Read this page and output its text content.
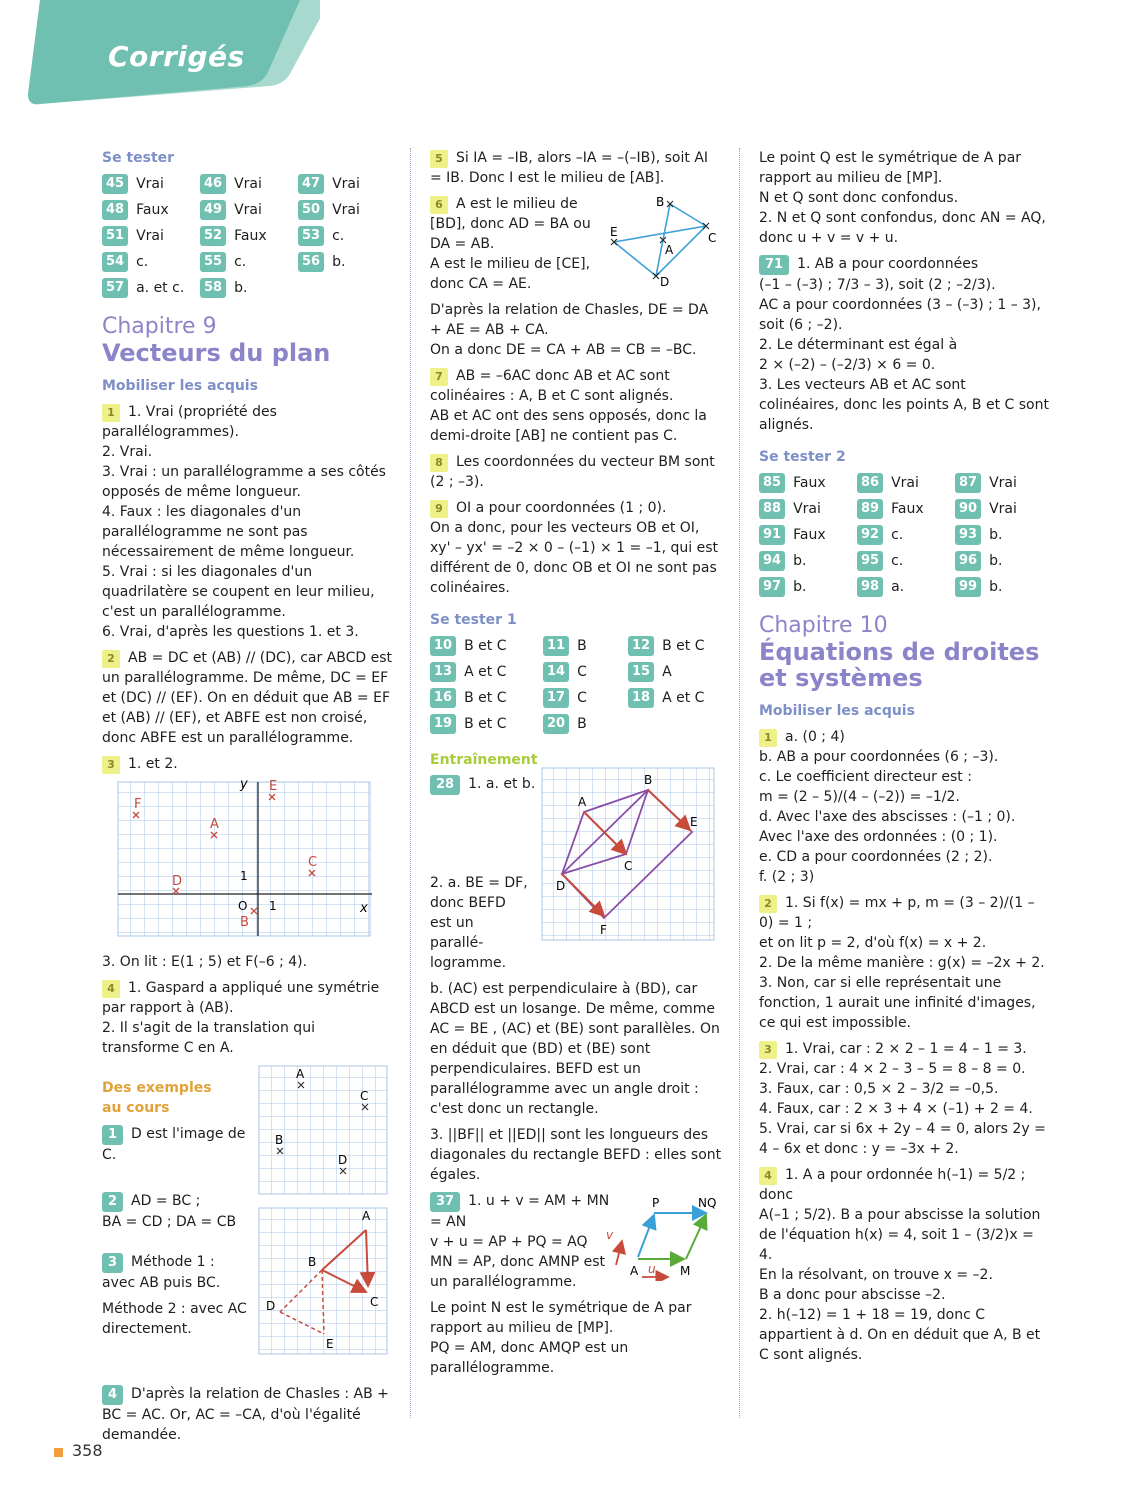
Corrigés
Se tester
45 Vrai	46 Vrai	47 Vrai
48 Faux	49 Vrai	50 Vrai
51 Vrai	52 Faux	53 c.
54 c.	55 c.	56 b.
57 a. et c.	58 b.
Chapitre 9
Vecteurs du plan
Mobiliser les acquis

1 1. Vrai (propriété des parallélogrammes).
2. Vrai.
3. Vrai : un parallélogramme a ses côtés opposés de même longueur.
4. Faux : les diagonales d'un parallélogramme ne sont pas nécessairement de même longueur.
5. Vrai : si les diagonales d'un quadrilatère se coupent en leur milieu, c'est un parallélogramme.
6. Vrai, d'après les questions 1. et 3.

2 AB = DC et (AB) // (DC), car ABCD est un parallélogramme. De même, DC = EF et (DC) // (EF). On en déduit que AB = EF et (AB) // (EF), et ABFE est non croisé, donc ABFE est un parallélogramme.

3 1. et 2.

y
x
1
1
O
F
A
E
C
D
B

3. On lit : E(1 ; 5) et F(–6 ; 4).

4 1. Gaspard a appliqué une symétrie par rapport à (AB).
2. Il s'agit de la translation qui transforme C en A.

Des exemples
au cours

1 D est l'image de C.

2 AD = BC ;
BA = CD ; DA = CB

3 Méthode 1 : avec AB puis BC.

Méthode 2 : avec AC directement.

A
C
B
D
A
B
C
D
E

4 D'après la relation de Chasles : AB + BC = AC. Or, AC = –CA, d'où l'égalité demandée.

5 Si IA = –IB, alors –IA = –(–IB), soit AI = IB. Donc I est le milieu de [AB].

B
C
E
A
D

6 A est le milieu de [BD], donc AD = BA ou DA = AB.
A est le milieu de [CE], donc CA = AE.

D'après la relation de Chasles, DE = DA + AE = AB + CA.
On a donc DE = CA + AB = CB = –BC.

7 AB = –6AC donc AB et AC sont colinéaires : A, B et C sont alignés.
AB et AC ont des sens opposés, donc la demi-droite [AB] ne contient pas C.

8 Les coordonnées du vecteur BM sont (2 ; –3).

9 OI a pour coordonnées (1 ; 0).
On a donc, pour les vecteurs OB et OI, xy' – yx' = –2 × 0 – (–1) × 1 = –1, qui est différent de 0, donc OB et OI ne sont pas colinéaires.

Se tester 1
10 B et C	11 B	12 B et C
13 A et C	14 C	15 A
16 B et C	17 C	18 A et C
19 B et C	20 B
Entraînement
A
B
C
D
E
F

28 1. a. et b.

2. a. BE = DF, donc BEFD est un parallé-logramme.

b. (AC) est perpendiculaire à (BD), car ABCD est un losange. De même, comme AC = BE , (AC) et (BE) sont parallèles. On en déduit que (BD) et (BE) sont perpendiculaires. BEFD est un parallélogramme avec un angle droit : c'est donc un rectangle.

3. ||BF|| et ||ED|| sont les longueurs des diagonales du rectangle BEFD : elles sont égales.

P	NQ
A	M
v
u

37 1. u + v = AM + MN = AN
v + u = AP + PQ = AQ
MN = AP, donc AMNP est un parallélogramme.

Le point N est le symétrique de A par rapport au milieu de [MP].
PQ = AM, donc AMQP est un parallélogramme.

Le point Q est le symétrique de A par rapport au milieu de [MP].
N et Q sont donc confondus.
2. N et Q sont confondus, donc AN = AQ,
donc u + v = v + u.

71 1. AB a pour coordonnées
(–1 – (–3) ; 7/3 – 3), soit (2 ; –2/3).
AC a pour coordonnées (3 – (–3) ; 1 – 3), soit (6 ; –2).
2. Le déterminant est égal à
2 × (–2) – (–2/3) × 6 = 0.
3. Les vecteurs AB et AC sont colinéaires, donc les points A, B et C sont alignés.

Se tester 2
85 Faux	86 Vrai	87 Vrai
88 Vrai	89 Faux	90 Vrai
91 Faux	92 c.	93 b.
94 b.	95 c.	96 b.
97 b.	98 a.	99 b.
Chapitre 10
Équations de droites
et systèmes
Mobiliser les acquis

1 a. (0 ; 4)
b. AB a pour coordonnées (6 ; –3).
c. Le coefficient directeur est :
m = (2 – 5)/(4 – (–2)) = –1/2.
d. Avec l'axe des abscisses : (–1 ; 0).
Avec l'axe des ordonnées : (0 ; 1).
e. CD a pour coordonnées (2 ; 2).
f. (2 ; 3)

2 1. Si f(x) = mx + p, m = (3 – 2)/(1 – 0) = 1 ;
et on lit p = 2, d'où f(x) = x + 2.
2. De la même manière : g(x) = –2x + 2.
3. Non, car si elle représentait une fonction, 1 aurait une infinité d'images, ce qui est impossible.

3 1. Vrai, car : 2 × 2 – 1 = 4 – 1 = 3.
2. Vrai, car : 4 × 2 – 3 – 5 = 8 – 8 = 0.
3. Faux, car : 0,5 × 2 – 3/2 = –0,5.
4. Faux, car : 2 × 3 + 4 × (–1) + 2 = 4.
5. Vrai, car si 6x + 2y – 4 = 0, alors 2y = 4 – 6x et donc : y = –3x + 2.

4 1. A a pour ordonnée h(–1) = 5/2 ; donc
A(–1 ; 5/2). B a pour abscisse la solution
de l'équation h(x) = 4, soit 1 – (3/2)x = 4.
En la résolvant, on trouve x = –2.
B a donc pour abscisse –2.
2. h(–12) = 1 + 18 = 19, donc C appartient à d. On en déduit que A, B et C sont alignés.

358
